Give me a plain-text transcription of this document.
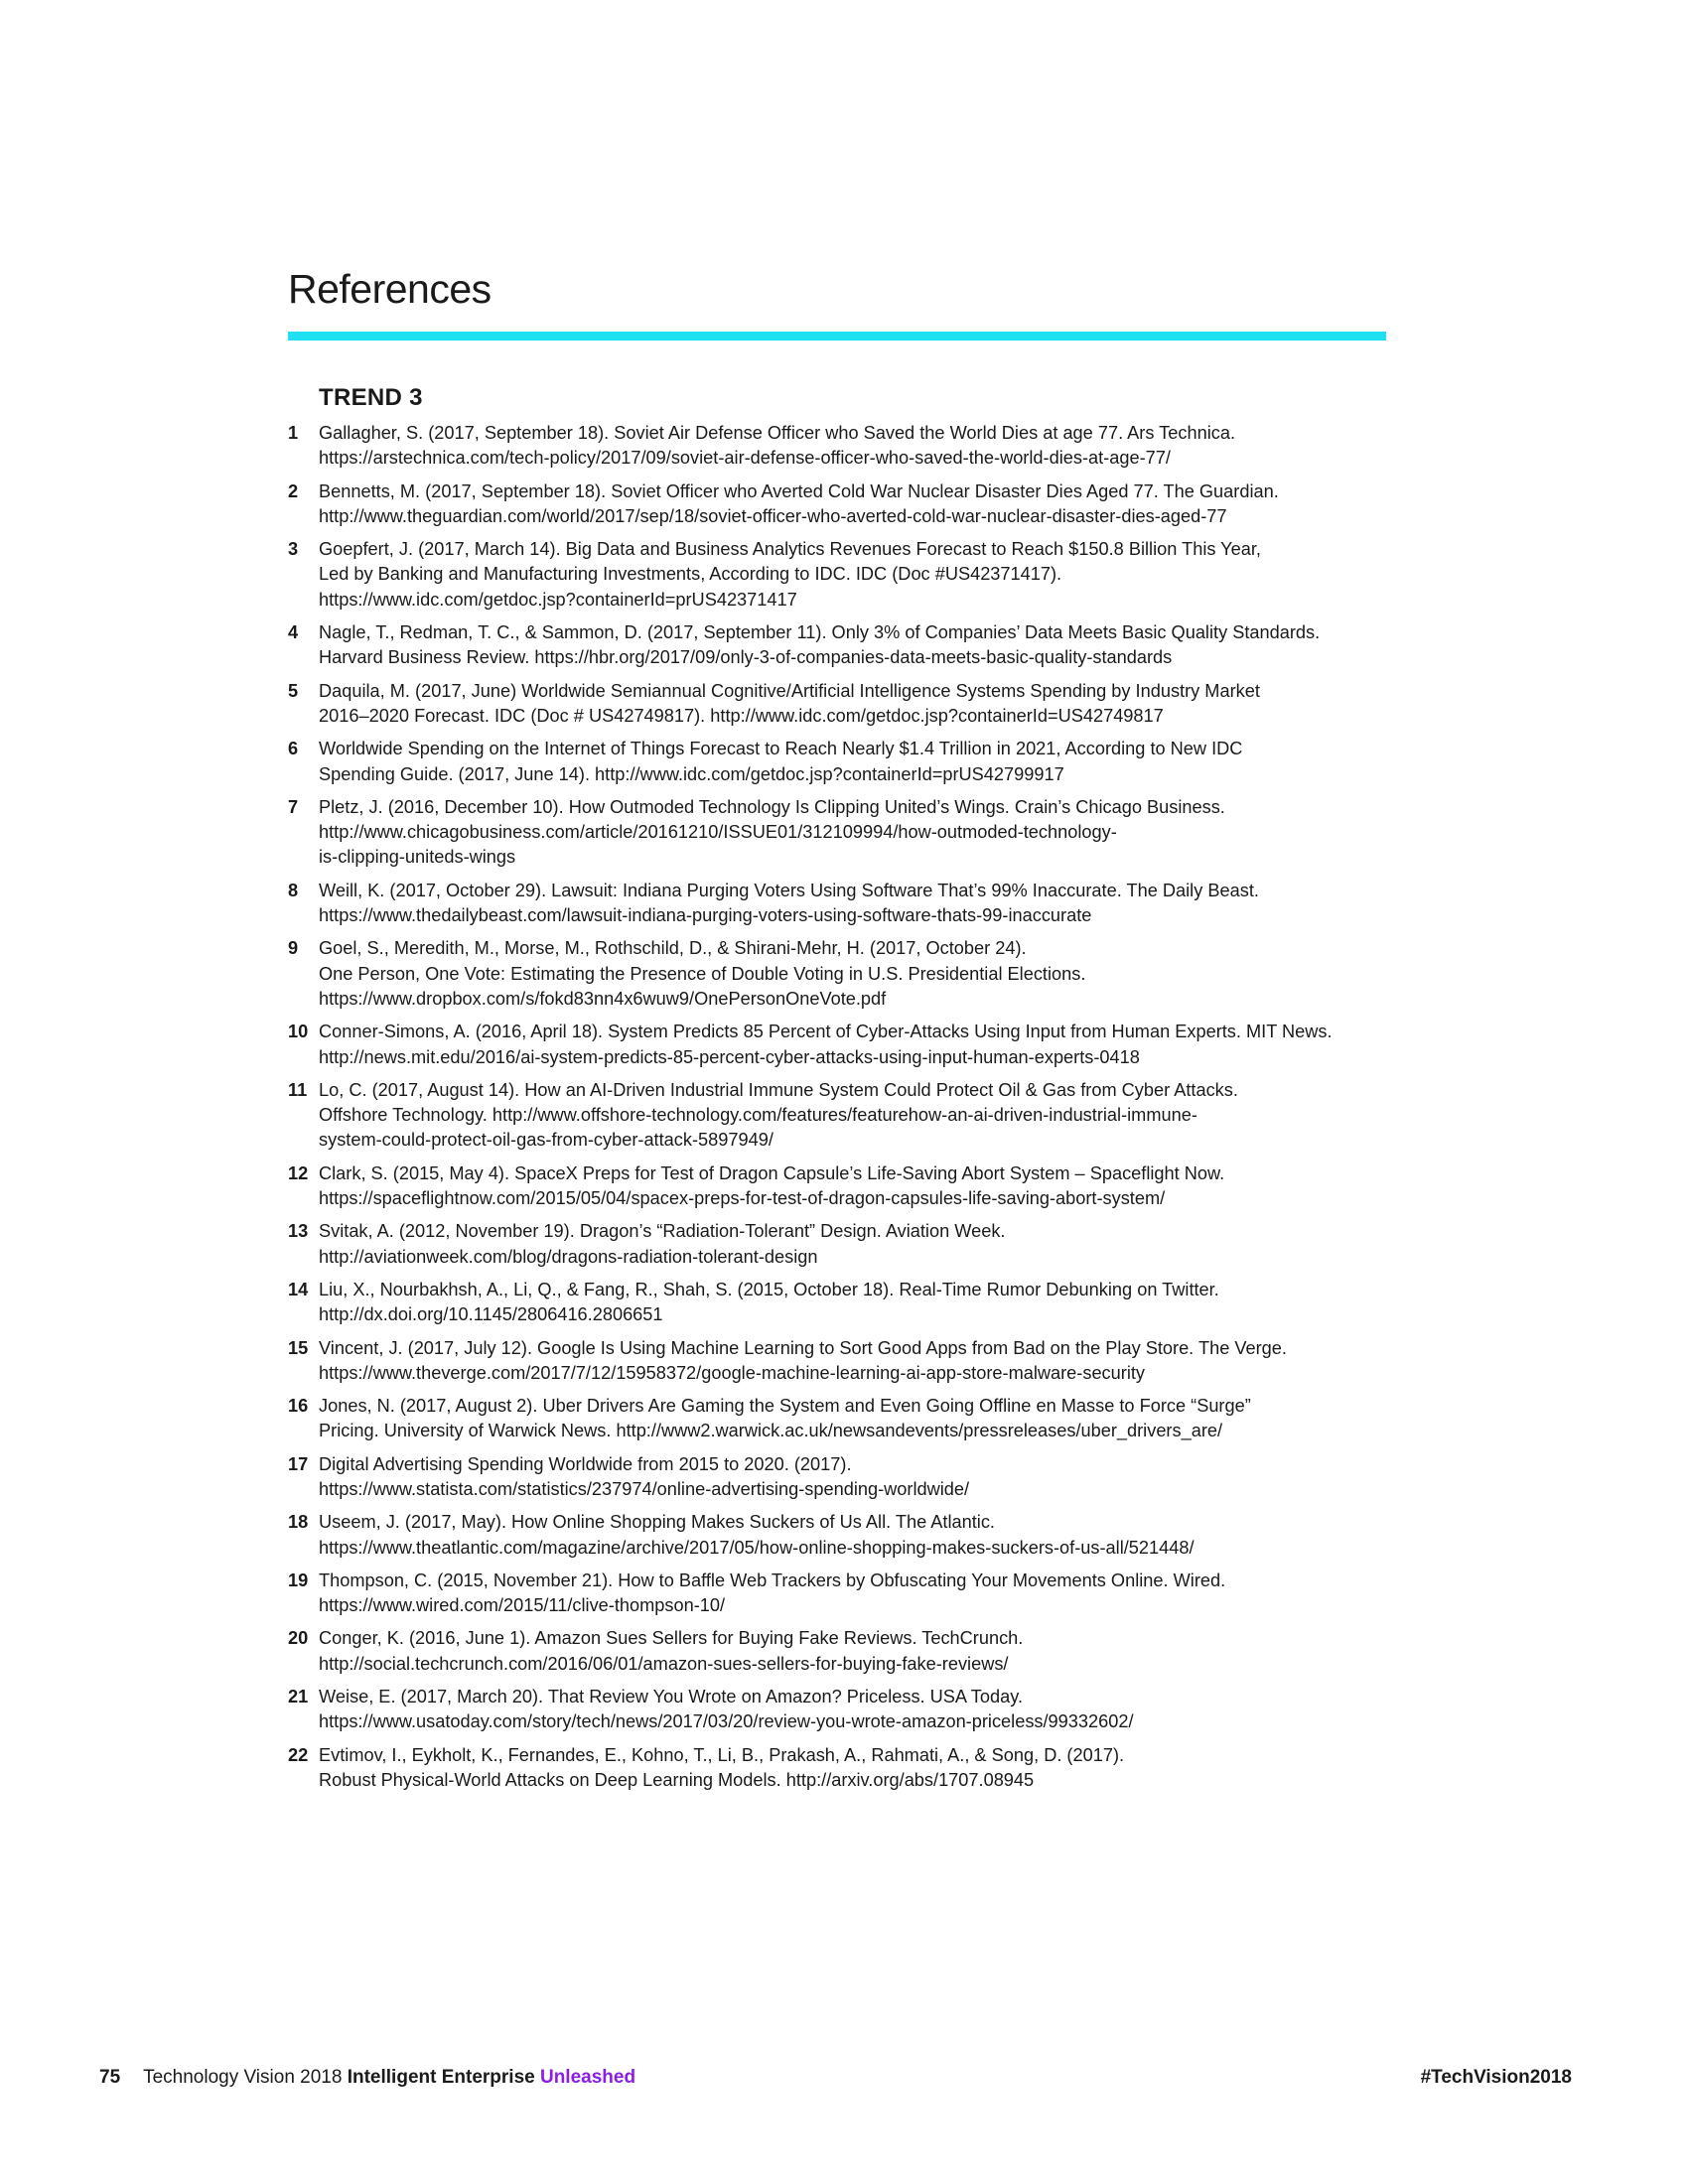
References
TREND 3
1	Gallagher, S. (2017, September 18). Soviet Air Defense Officer who Saved the World Dies at age 77. Ars Technica.
https://arstechnica.com/tech-policy/2017/09/soviet-air-defense-officer-who-saved-the-world-dies-at-age-77/
2	Bennetts, M. (2017, September 18). Soviet Officer who Averted Cold War Nuclear Disaster Dies Aged 77. The Guardian.
http://www.theguardian.com/world/2017/sep/18/soviet-officer-who-averted-cold-war-nuclear-disaster-dies-aged-77
3	Goepfert, J. (2017, March 14). Big Data and Business Analytics Revenues Forecast to Reach $150.8 Billion This Year,
Led by Banking and Manufacturing Investments, According to IDC. IDC (Doc #US42371417).
https://www.idc.com/getdoc.jsp?containerId=prUS42371417
4	Nagle, T., Redman, T. C., & Sammon, D. (2017, September 11). Only 3% of Companies’ Data Meets Basic Quality Standards.
Harvard Business Review. https://hbr.org/2017/09/only-3-of-companies-data-meets-basic-quality-standards
5	Daquila, M. (2017, June) Worldwide Semiannual Cognitive/Artificial Intelligence Systems Spending by Industry Market
2016–2020 Forecast. IDC (Doc # US42749817). http://www.idc.com/getdoc.jsp?containerId=US42749817
6	Worldwide Spending on the Internet of Things Forecast to Reach Nearly $1.4 Trillion in 2021, According to New IDC
Spending Guide. (2017, June 14). http://www.idc.com/getdoc.jsp?containerId=prUS42799917
7	Pletz, J. (2016, December 10). How Outmoded Technology Is Clipping United’s Wings. Crain’s Chicago Business.
http://www.chicagobusiness.com/article/20161210/ISSUE01/312109994/how-outmoded-technology-
is-clipping-uniteds-wings
8	Weill, K. (2017, October 29). Lawsuit: Indiana Purging Voters Using Software That’s 99% Inaccurate. The Daily Beast.
https://www.thedailybeast.com/lawsuit-indiana-purging-voters-using-software-thats-99-inaccurate
9	Goel, S., Meredith, M., Morse, M., Rothschild, D., & Shirani-Mehr, H. (2017, October 24).
One Person, One Vote: Estimating the Presence of Double Voting in U.S. Presidential Elections.
https://www.dropbox.com/s/fokd83nn4x6wuw9/OnePersonOneVote.pdf
10 Conner-Simons, A. (2016, April 18). System Predicts 85 Percent of Cyber-Attacks Using Input from Human Experts. MIT News.
http://news.mit.edu/2016/ai-system-predicts-85-percent-cyber-attacks-using-input-human-experts-0418
11 Lo, C. (2017, August 14). How an AI-Driven Industrial Immune System Could Protect Oil & Gas from Cyber Attacks.
Offshore Technology. http://www.offshore-technology.com/features/featurehow-an-ai-driven-industrial-immune-
system-could-protect-oil-gas-from-cyber-attack-5897949/
12 Clark, S. (2015, May 4). SpaceX Preps for Test of Dragon Capsule’s Life-Saving Abort System – Spaceflight Now.
https://spaceflightnow.com/2015/05/04/spacex-preps-for-test-of-dragon-capsules-life-saving-abort-system/
13 Svitak, A. (2012, November 19). Dragon’s “Radiation-Tolerant” Design. Aviation Week.
http://aviationweek.com/blog/dragons-radiation-tolerant-design
14 Liu, X., Nourbakhsh, A., Li, Q., & Fang, R., Shah, S. (2015, October 18). Real-Time Rumor Debunking on Twitter.
http://dx.doi.org/10.1145/2806416.2806651
15 Vincent, J. (2017, July 12). Google Is Using Machine Learning to Sort Good Apps from Bad on the Play Store. The Verge.
https://www.theverge.com/2017/7/12/15958372/google-machine-learning-ai-app-store-malware-security
16 Jones, N. (2017, August 2). Uber Drivers Are Gaming the System and Even Going Offline en Masse to Force “Surge”
Pricing. University of Warwick News. http://www2.warwick.ac.uk/newsandevents/pressreleases/uber_drivers_are/
17 Digital Advertising Spending Worldwide from 2015 to 2020. (2017).
https://www.statista.com/statistics/237974/online-advertising-spending-worldwide/
18 Useem, J. (2017, May). How Online Shopping Makes Suckers of Us All. The Atlantic.
https://www.theatlantic.com/magazine/archive/2017/05/how-online-shopping-makes-suckers-of-us-all/521448/
19 Thompson, C. (2015, November 21). How to Baffle Web Trackers by Obfuscating Your Movements Online. Wired.
https://www.wired.com/2015/11/clive-thompson-10/
20 Conger, K. (2016, June 1). Amazon Sues Sellers for Buying Fake Reviews. TechCrunch.
http://social.techcrunch.com/2016/06/01/amazon-sues-sellers-for-buying-fake-reviews/
21 Weise, E. (2017, March 20). That Review You Wrote on Amazon? Priceless. USA Today.
https://www.usatoday.com/story/tech/news/2017/03/20/review-you-wrote-amazon-priceless/99332602/
22 Evtimov, I., Eykholt, K., Fernandes, E., Kohno, T., Li, B., Prakash, A., Rahmati, A., & Song, D. (2017).
Robust Physical-World Attacks on Deep Learning Models. http://arxiv.org/abs/1707.08945
75 Technology Vision 2018 Intelligent Enterprise Unleashed	#TechVision2018
